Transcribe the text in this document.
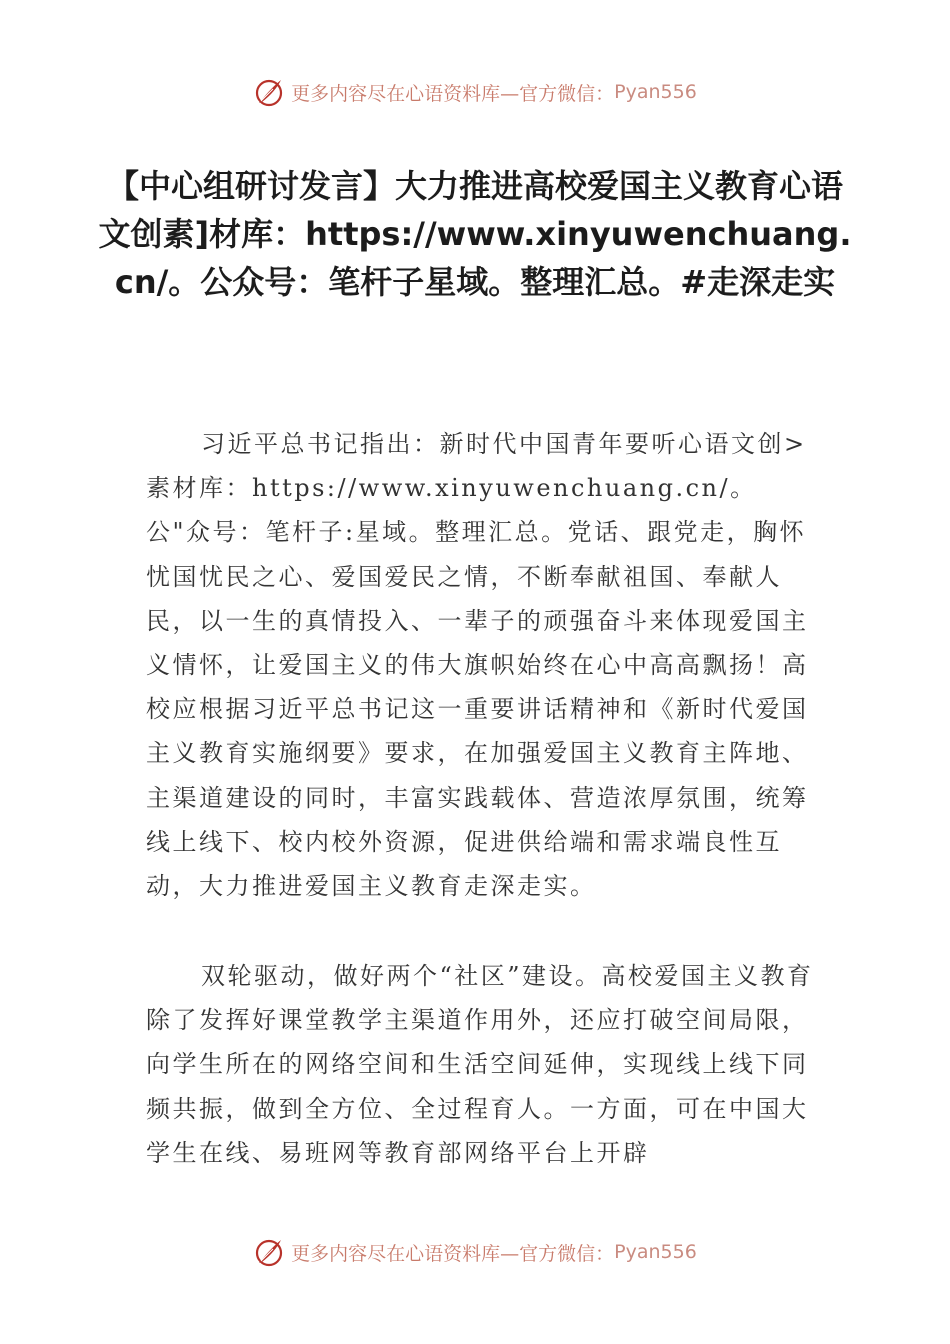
更多内容尽在心语资料库—官方微信： Pyan556
【中心组研讨发言】大力推进高校爱国主义教育心语文创素]材库：https://www.xinyuwenchuang.cn/。公众号：笔杆子星域。整理汇总。#走深走实

习近平总书记指出：新时代中国青年要听心语文创>素材库：https://www.xinyuwenchuang.cn/。公"众号：笔杆子:星域。整理汇总。党话、跟党走，胸怀忧国忧民之心、爱国爱民之情，不断奉献祖国、奉献人民，以一生的真情投入、一辈子的顽强奋斗来体现爱国主义情怀，让爱国主义的伟大旗帜始终在心中高高飘扬！高校应根据习近平总书记这一重要讲话精神和《新时代爱国主义教育实施纲要》要求，在加强爱国主义教育主阵地、主渠道建设的同时，丰富实践载体、营造浓厚氛围，统筹线上线下、校内校外资源，促进供给端和需求端良性互动，大力推进爱国主义教育走深走实。

双轮驱动，做好两个“社区”建设。高校爱国主义教育除了发挥好课堂教学主渠道作用外，还应打破空间局限，向学生所在的网络空间和生活空间延伸，实现线上线下同频共振，做到全方位、全过程育人。一方面，可在中国大学生在线、易班网等教育部网络平台上开辟

更多内容尽在心语资料库—官方微信： Pyan556
